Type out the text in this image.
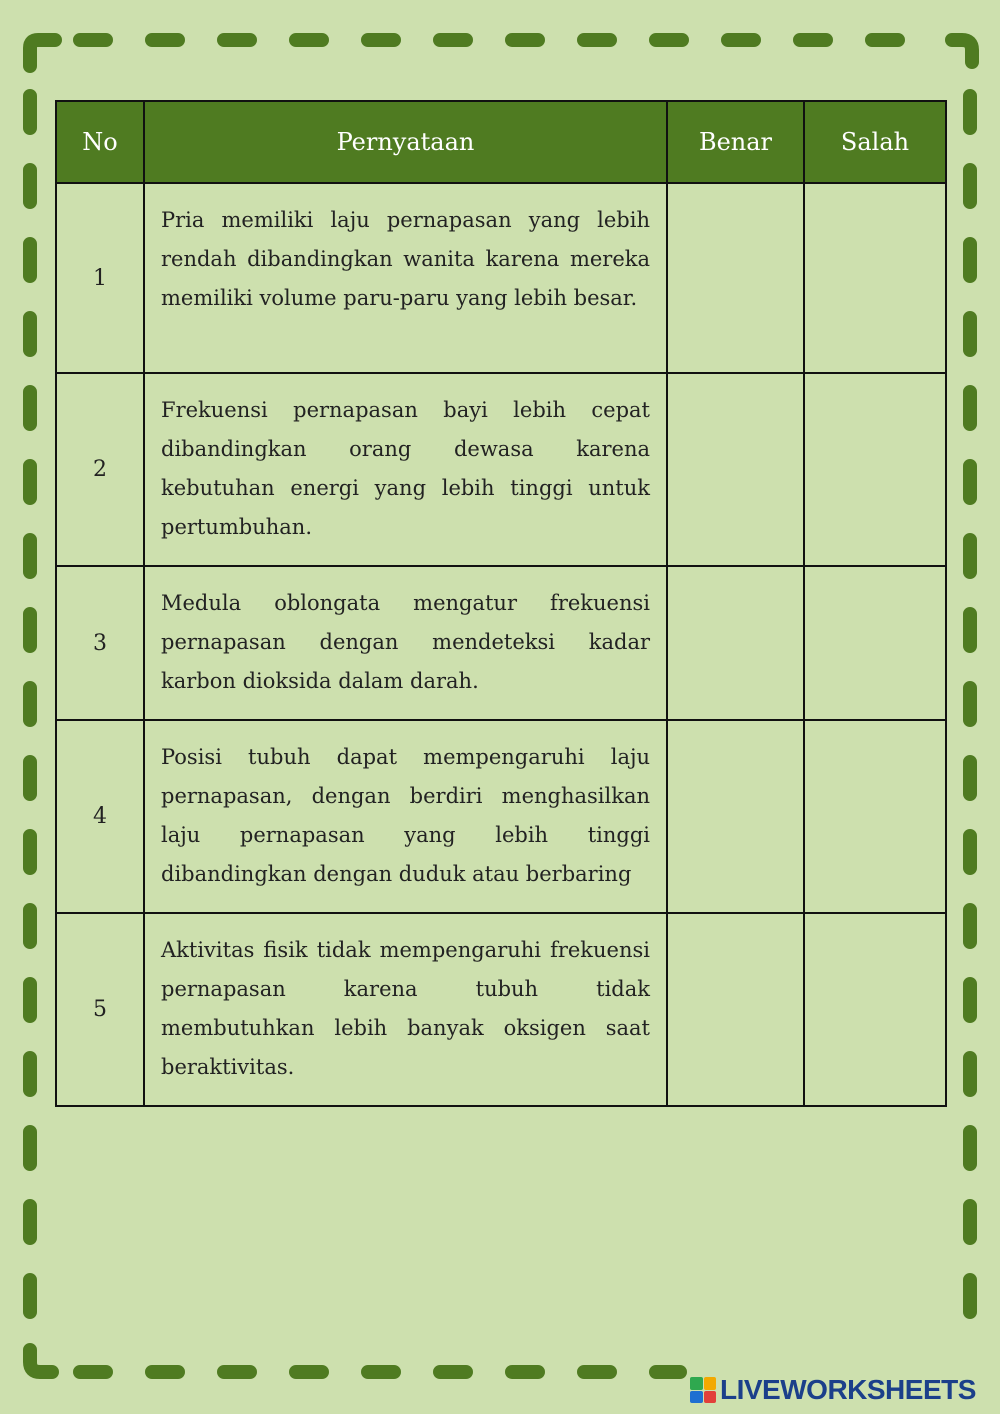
No	Pernyataan	Benar	Salah
1	Pria memiliki laju pernapasan yang lebih rendah dibandingkan wanita karena mereka memiliki volume paru-paru yang lebih besar.		
2	Frekuensi pernapasan bayi lebih cepat dibandingkan orang dewasa karena kebutuhan energi yang lebih tinggi untuk pertumbuhan.		
3	Medula oblongata mengatur frekuensi pernapasan dengan mendeteksi kadar karbon dioksida dalam darah.		
4	Posisi tubuh dapat mempengaruhi laju pernapasan, dengan berdiri menghasilkan laju pernapasan yang lebih tinggi dibandingkan dengan duduk atau berbaring		
5	Aktivitas fisik tidak mempengaruhi frekuensi pernapasan karena tubuh tidak membutuhkan lebih banyak oksigen saat beraktivitas.		
LIVEWORKSHEETS
